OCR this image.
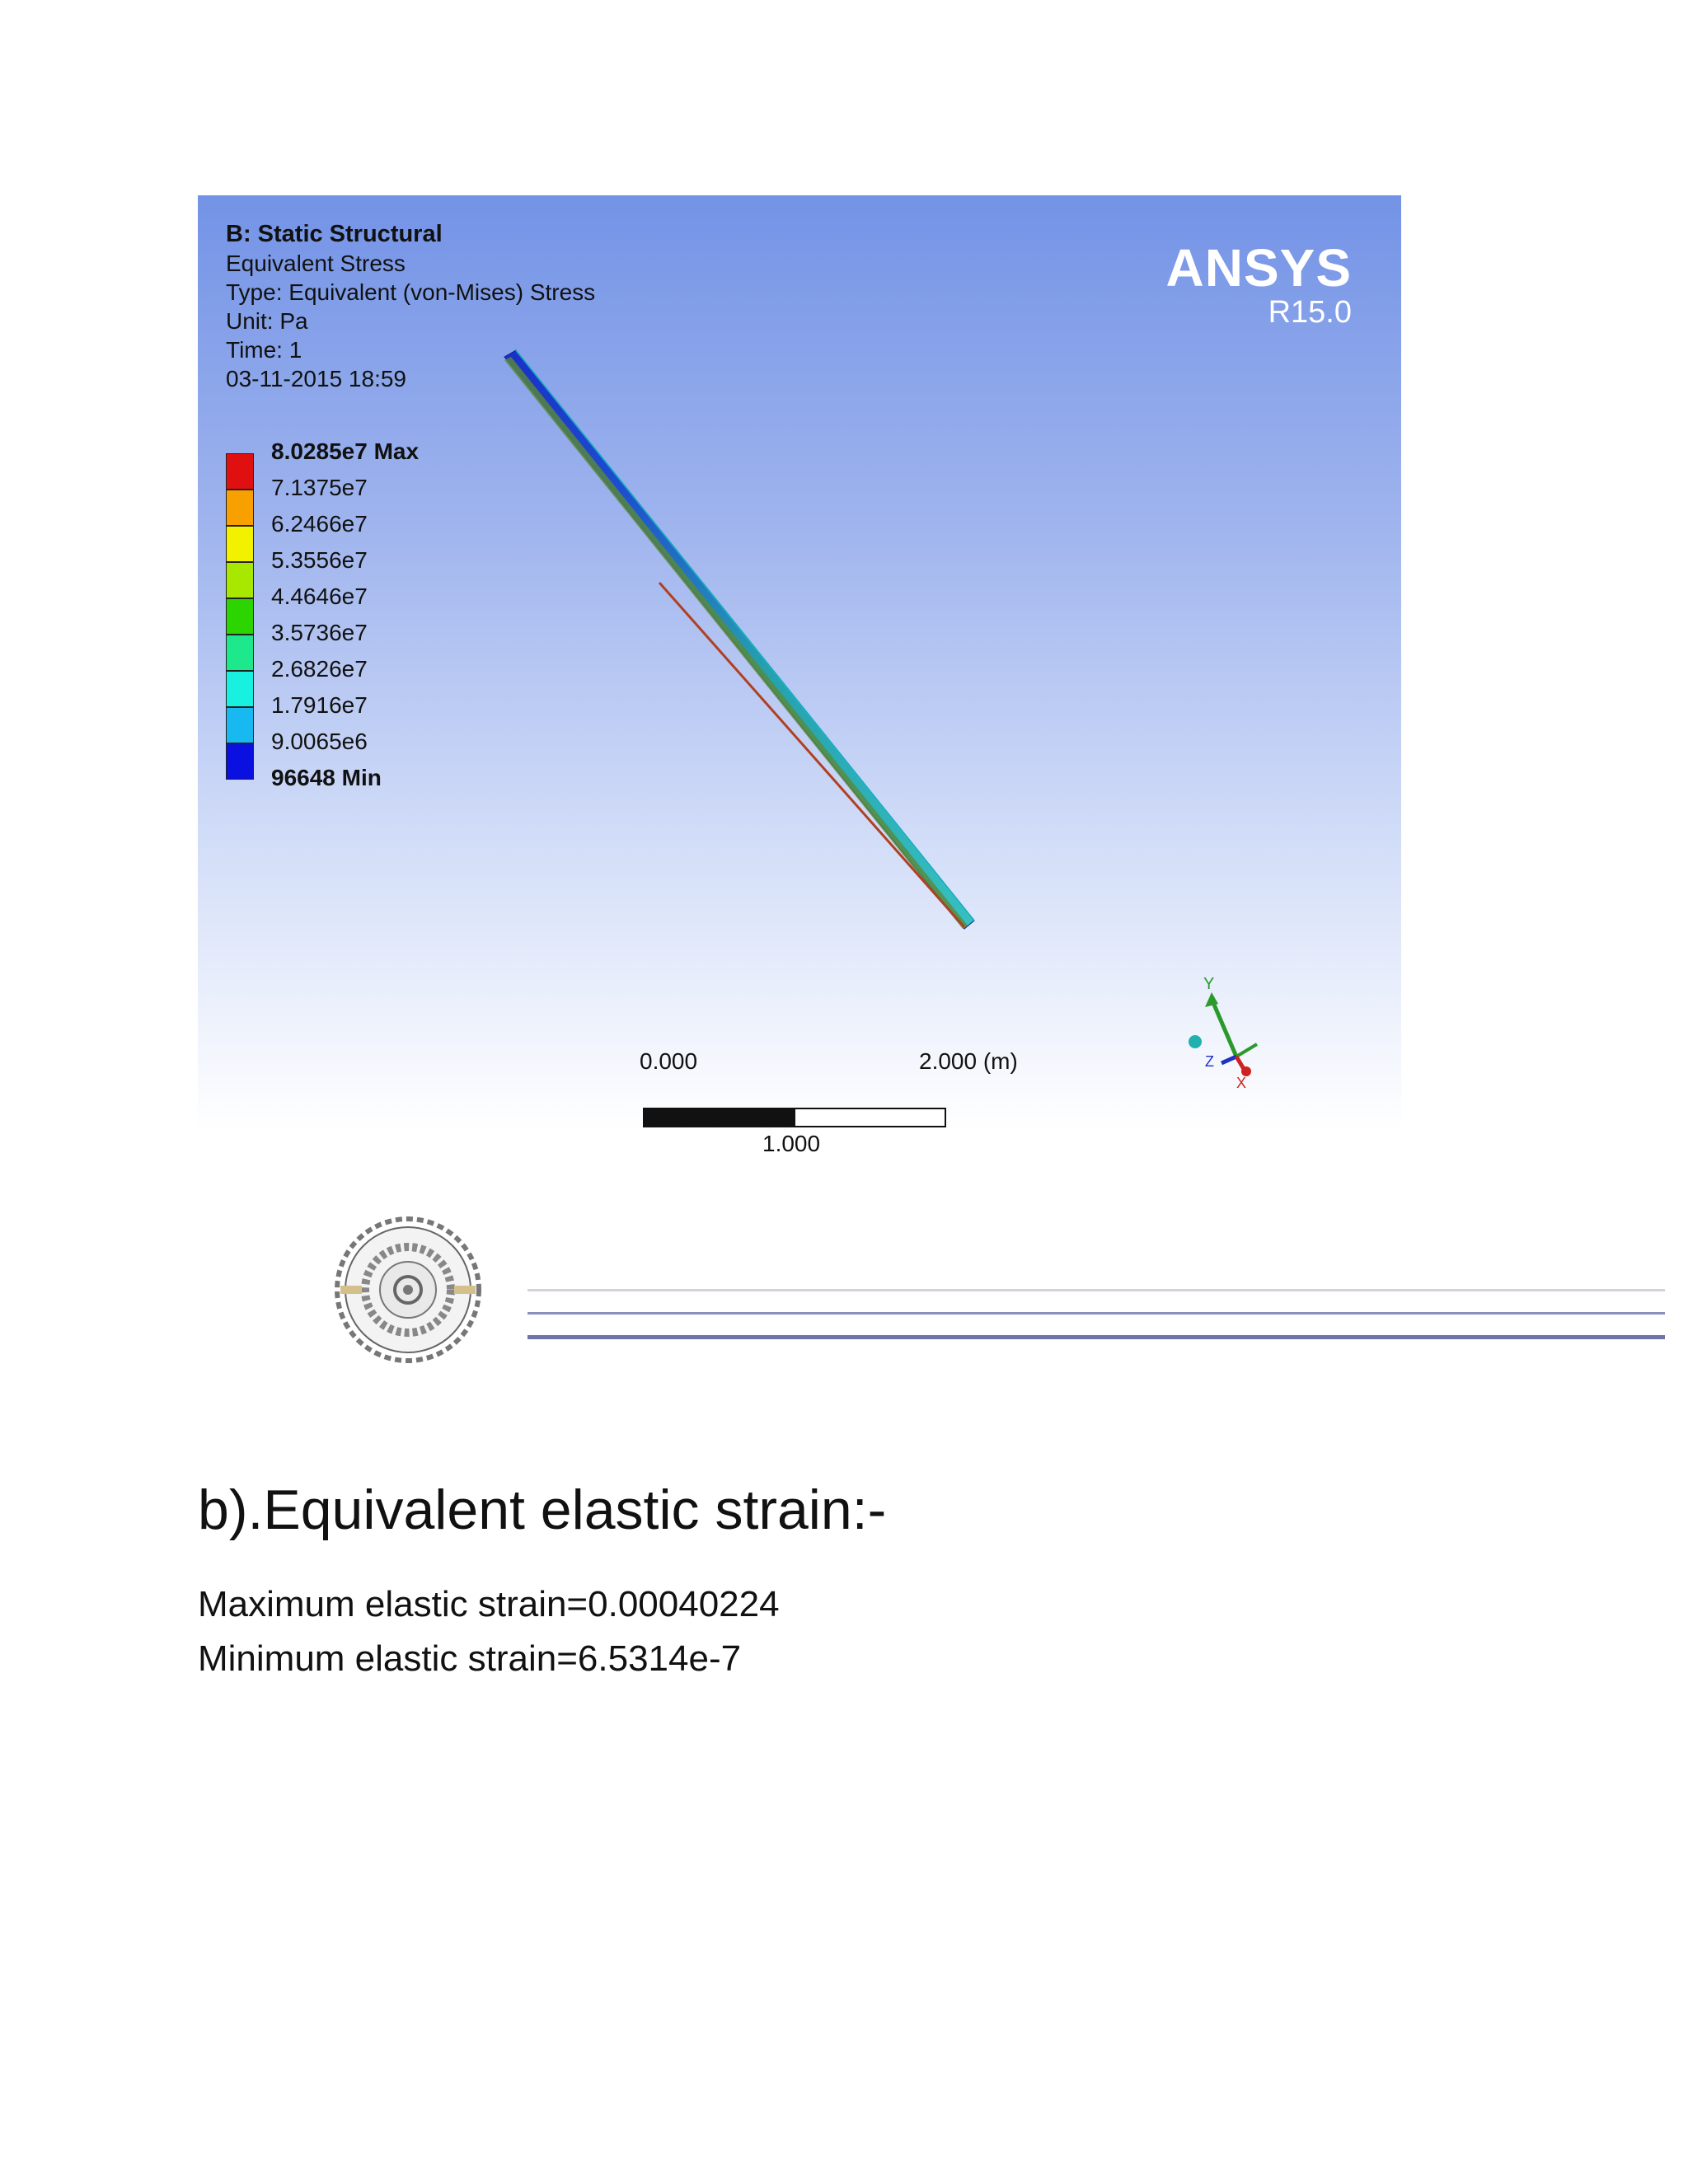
B: Static Structural
Equivalent Stress
Type: Equivalent (von-Mises) Stress
Unit: Pa
Time: 1
03-11-2015 18:59
ANSYS
R15.0
8.0285e7 Max
7.1375e7
6.2466e7
5.3556e7
4.4646e7
3.5736e7
2.6826e7
1.7916e7
9.0065e6
96648 Min
0.000	2.000 (m)
1.000
Y
Z
X
b).Equivalent elastic strain:-
Maximum elastic strain=0.00040224
Minimum elastic strain=6.5314e-7
